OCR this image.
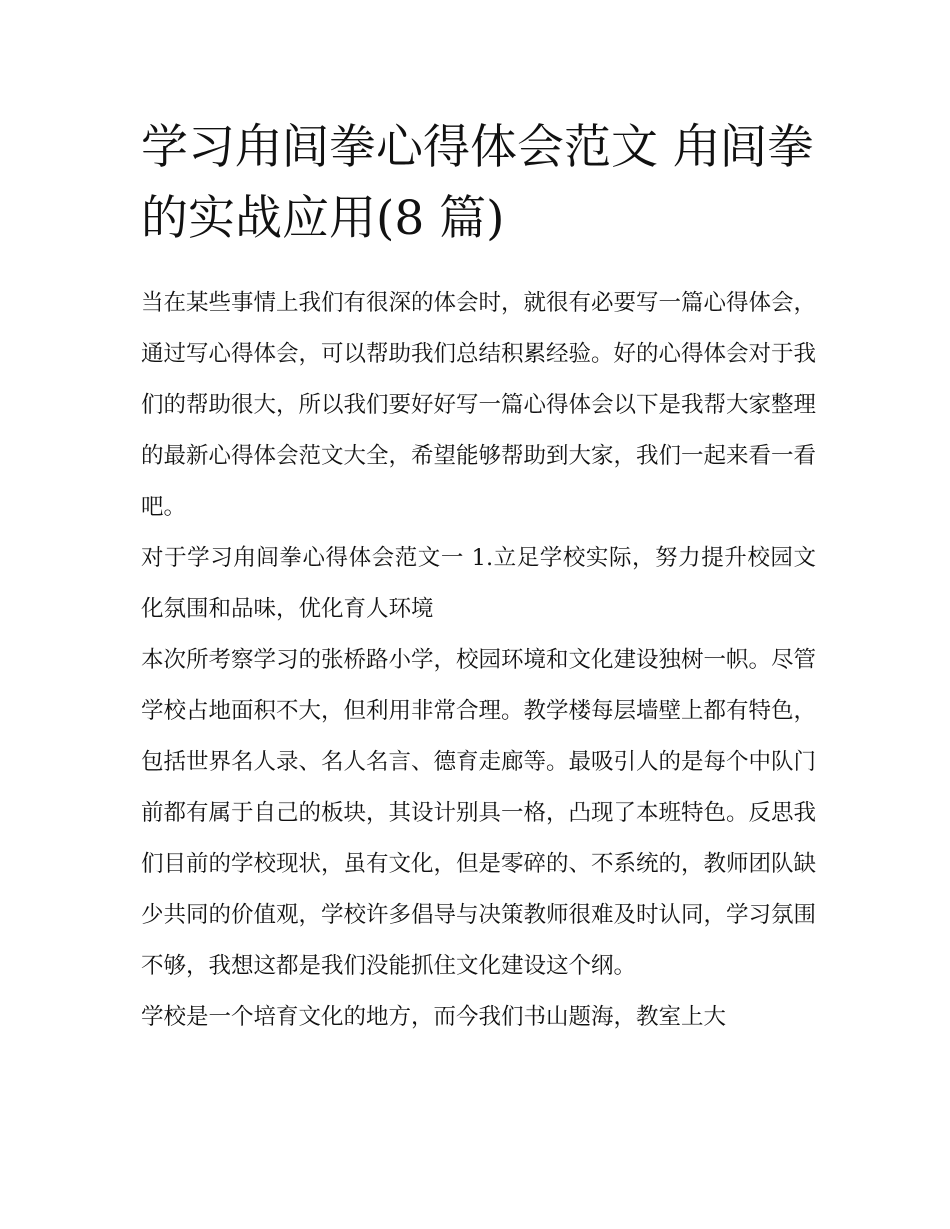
学习甪闾拳心得体会范文 甪闾拳的实战应用(8 篇)

当在某些事情上我们有很深的体会时，就很有必要写一篇心得体会，通过写心得体会，可以帮助我们总结积累经验。好的心得体会对于我们的帮助很大，所以我们要好好写一篇心得体会以下是我帮大家整理的最新心得体会范文大全，希望能够帮助到大家，我们一起来看一看吧。

对于学习甪闾拳心得体会范文一 1.立足学校实际，努力提升校园文化氛围和品味，优化育人环境

本次所考察学习的张桥路小学，校园环境和文化建设独树一帜。尽管学校占地面积不大，但利用非常合理。教学楼每层墙壁上都有特色，包括世界名人录、名人名言、德育走廊等。最吸引人的是每个中队门前都有属于自己的板块，其设计别具一格，凸现了本班特色。反思我们目前的学校现状，虽有文化，但是零碎的、不系统的，教师团队缺少共同的价值观，学校许多倡导与决策教师很难及时认同，学习氛围不够，我想这都是我们没能抓住文化建设这个纲。

学校是一个培育文化的地方，而今我们书山题海，教室上大
